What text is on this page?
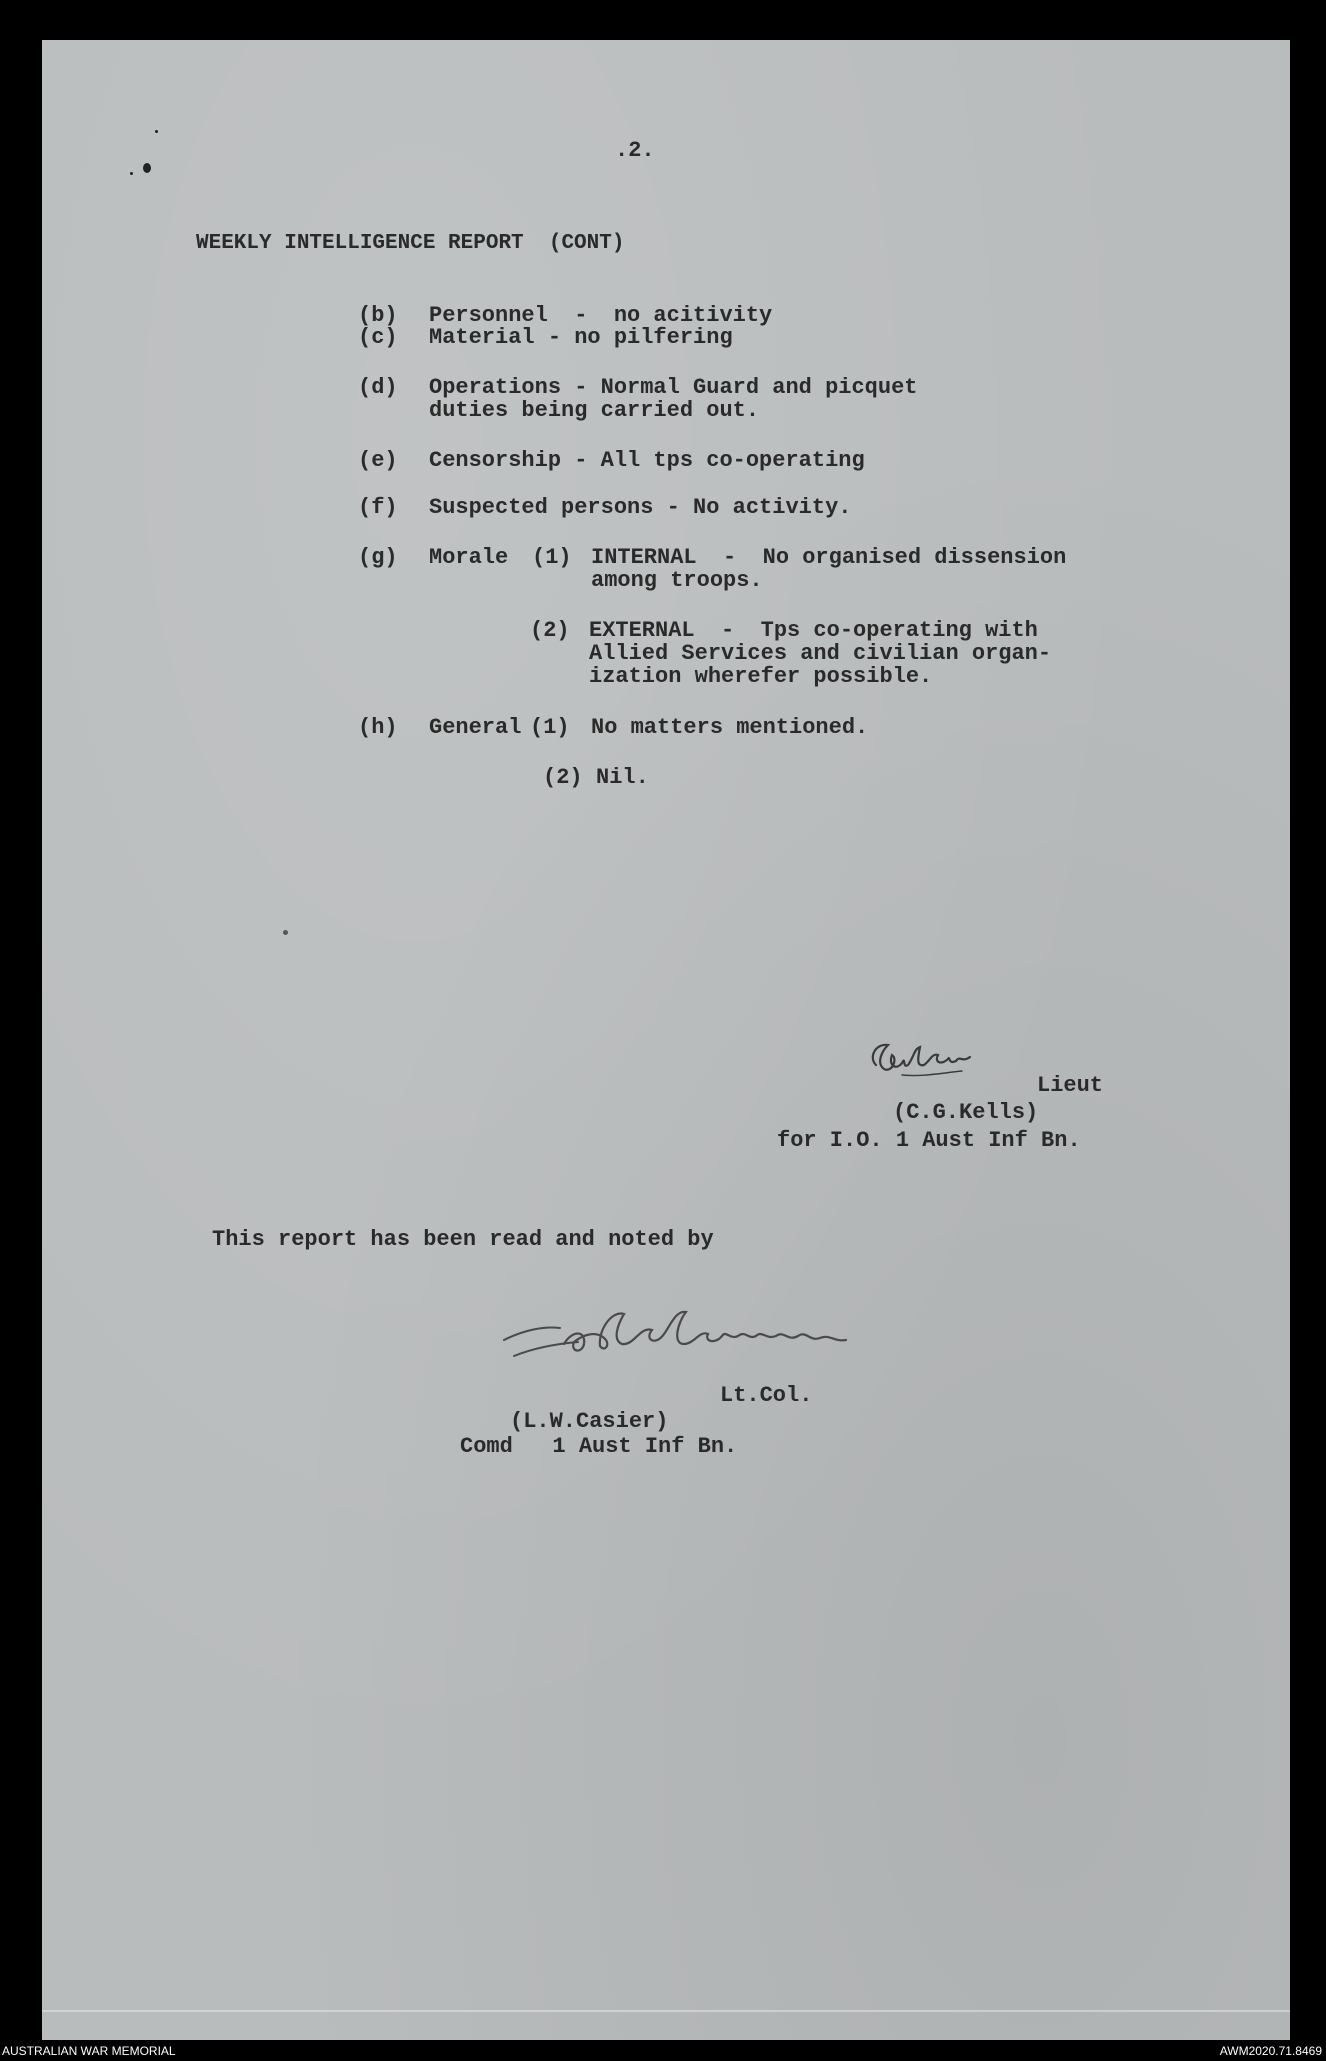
.2.
WEEKLY INTELLIGENCE REPORT  (CONT)
(b) Personnel  -  no acitivity
(c) Material - no pilfering
(d) Operations - Normal Guard and picquet
duties being carried out.
(e) Censorship - All tps co-operating
(f) Suspected persons - No activity.
(g) Morale (1) INTERNAL  -  No organised dissension
among troops.
(2) EXTERNAL  -  Tps co-operating with
Allied Services and civilian organ-
ization wherefer possible.
(h) General (1) No matters mentioned.
(2) Nil.
Lieut
(C.G.Kells)
for I.O. 1 Aust Inf Bn.
This report has been read and noted by
Lt.Col.
(L.W.Casier)
Comd   1 Aust Inf Bn.
AUSTRALIAN WAR MEMORIAL	AWM2020.71.8469
